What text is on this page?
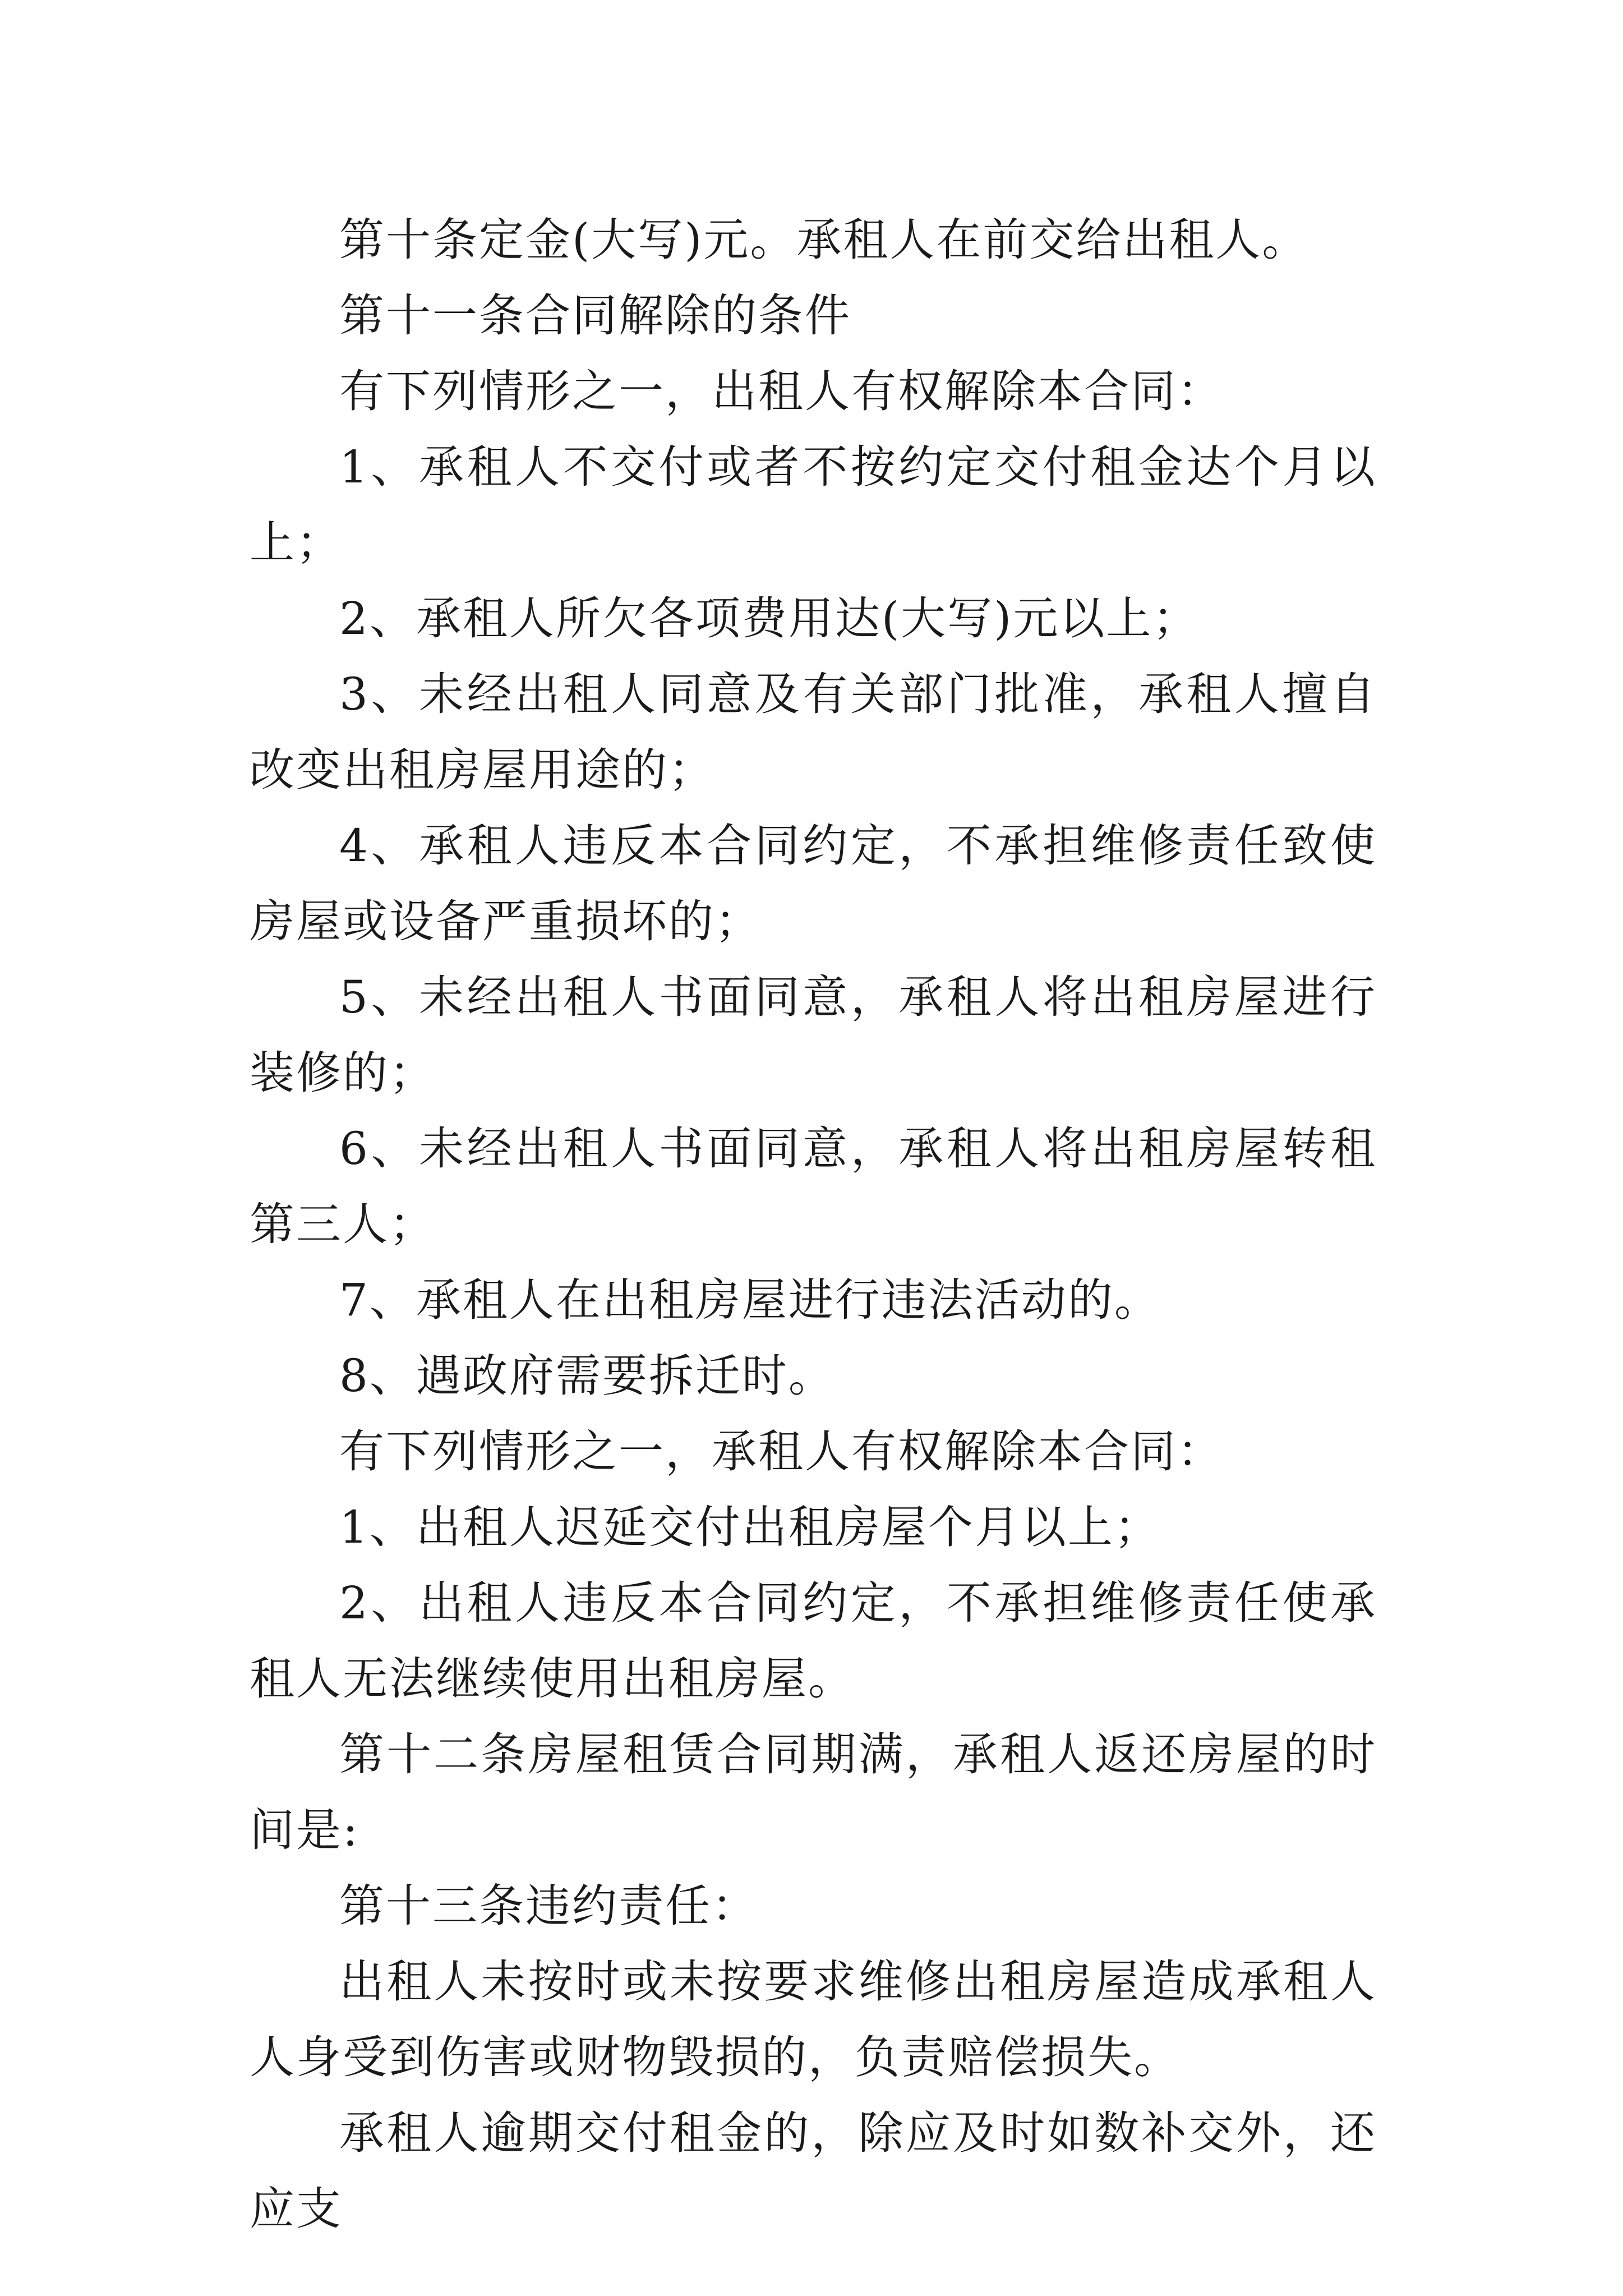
第十条定金(大写)元。承租人在前交给出租人。

第十一条合同解除的条件

有下列情形之一，出租人有权解除本合同：

1、承租人不交付或者不按约定交付租金达个月以上；

2、承租人所欠各项费用达(大写)元以上；

3、未经出租人同意及有关部门批准，承租人擅自改变出租房屋用途的；

4、承租人违反本合同约定，不承担维修责任致使房屋或设备严重损坏的；

5、未经出租人书面同意，承租人将出租房屋进行装修的；

6、未经出租人书面同意，承租人将出租房屋转租第三人；

7、承租人在出租房屋进行违法活动的。

8、遇政府需要拆迁时。

有下列情形之一，承租人有权解除本合同：

1、出租人迟延交付出租房屋个月以上；

2、出租人违反本合同约定，不承担维修责任使承租人无法继续使用出租房屋。

第十二条房屋租赁合同期满，承租人返还房屋的时间是:

第十三条违约责任：

出租人未按时或未按要求维修出租房屋造成承租人人身受到伤害或财物毁损的，负责赔偿损失。

承租人逾期交付租金的，除应及时如数补交外，还应支
